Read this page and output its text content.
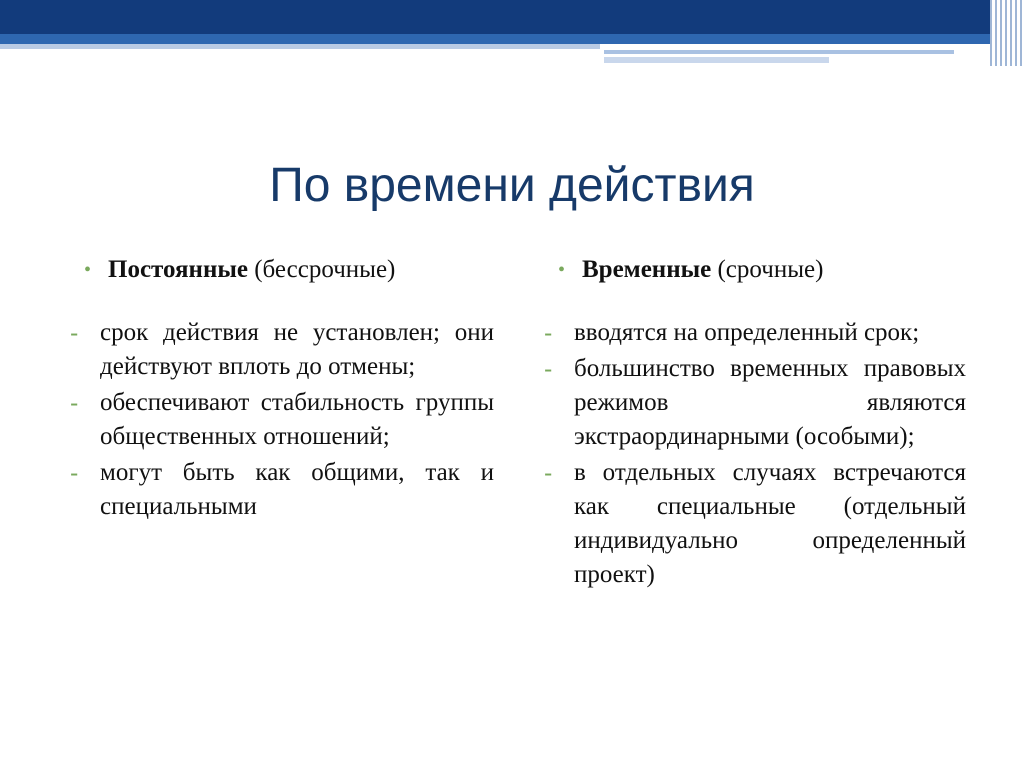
По времени действия
• Постоянные (бессрочные)
- срок действия не установлен; они действуют вплоть до отмены;
- обеспечивают стабильность группы общественных отношений;
- могут быть как общими, так и специальными
• Временные (срочные)
- вводятся на определенный срок;
- большинство временных правовых режимов являются экстраординарными (особыми);
- в отдельных случаях встречаются как специальные (отдельный индивидуально определенный проект)
